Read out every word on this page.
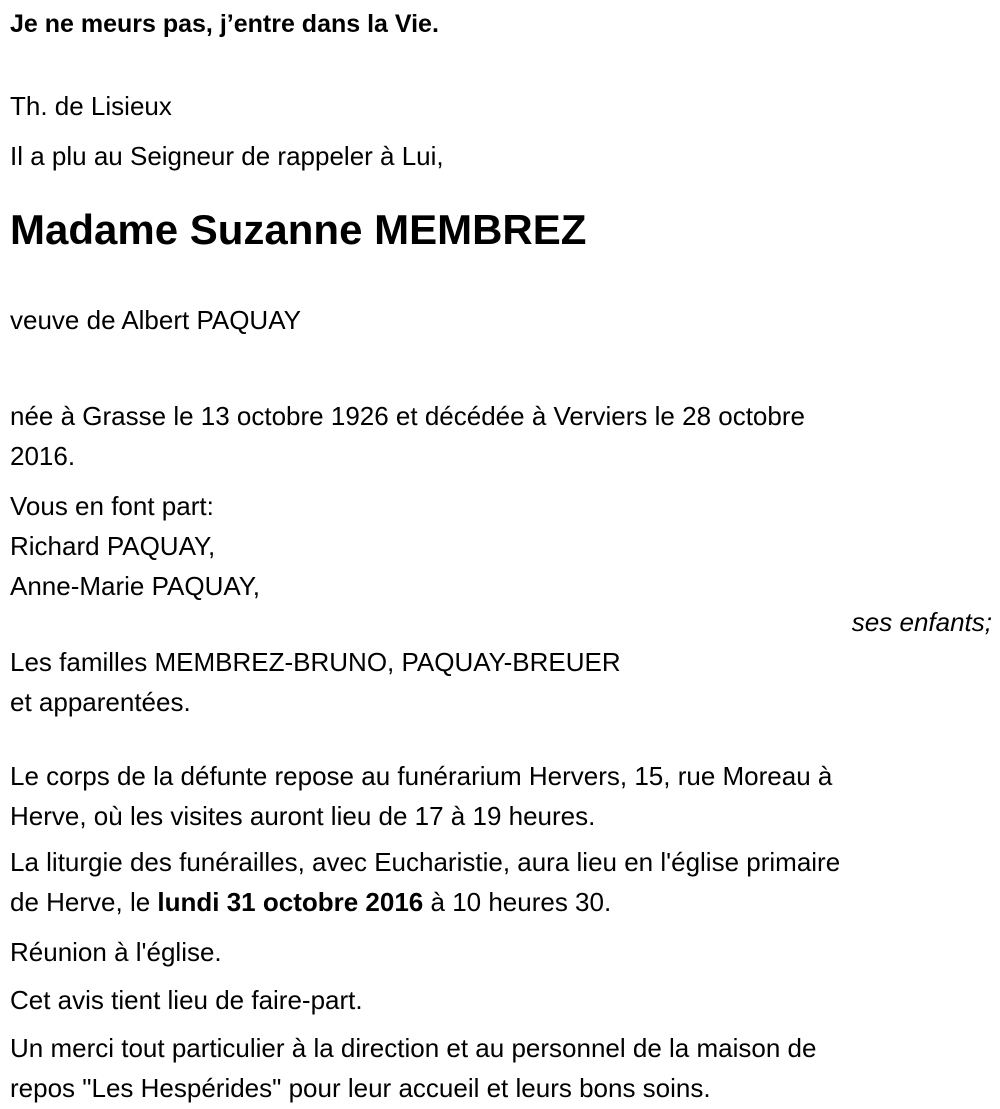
Je ne meurs pas, j’entre dans la Vie.
Th. de Lisieux
Il a plu au Seigneur de rappeler à Lui,
Madame Suzanne MEMBREZ
veuve de Albert PAQUAY
née à Grasse le 13 octobre 1926 et décédée à Verviers le 28 octobre
2016.
Vous en font part:
Richard PAQUAY,
Anne-Marie PAQUAY,
ses enfants;
Les familles MEMBREZ-BRUNO, PAQUAY-BREUER
et apparentées.
Le corps de la défunte repose au funérarium Hervers, 15, rue Moreau à
Herve, où les visites auront lieu de 17 à 19 heures.
La liturgie des funérailles, avec Eucharistie, aura lieu en l'église primaire
de Herve, le lundi 31 octobre 2016 à 10 heures 30.
Réunion à l'église.
Cet avis tient lieu de faire-part.
Un merci tout particulier à la direction et au personnel de la maison de
repos "Les Hespérides" pour leur accueil et leurs bons soins.
